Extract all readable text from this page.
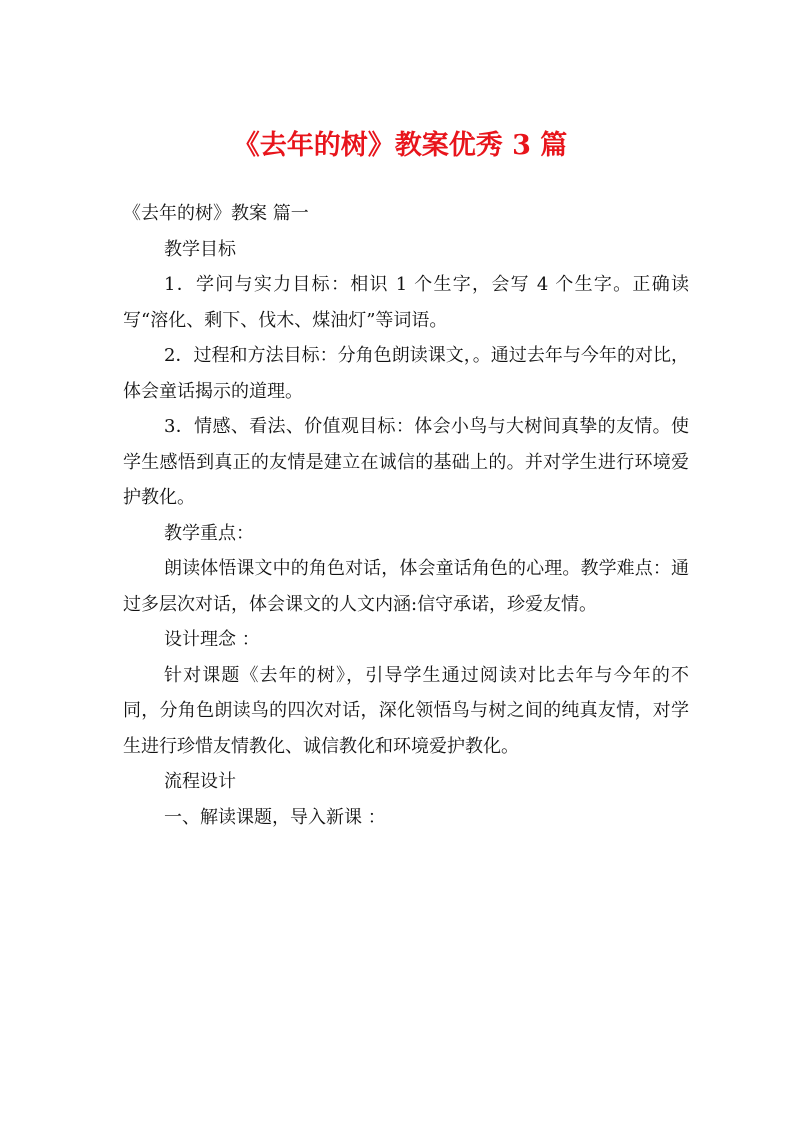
《去年的树》教案优秀 3 篇

《去年的树》教案 篇一

教学目标

1．学问与实力目标：相识 1 个生字，会写 4 个生字。正确读写“溶化、剩下、伐木、煤油灯”等词语。

2．过程和方法目标：分角色朗读课文，。通过去年与今年的对比，体会童话揭示的道理。

3．情感、看法、价值观目标：体会小鸟与大树间真挚的友情。使学生感悟到真正的友情是建立在诚信的基础上的。并对学生进行环境爱护教化。

教学重点：

朗读体悟课文中的角色对话，体会童话角色的心理。教学难点：通过多层次对话，体会课文的人文内涵:信守承诺，珍爱友情。

设计理念 ：

针对课题《去年的树》，引导学生通过阅读对比去年与今年的不同，分角色朗读鸟的四次对话，深化领悟鸟与树之间的纯真友情，对学生进行珍惜友情教化、诚信教化和环境爱护教化。

流程设计

一、解读课题，导入新课 ：
